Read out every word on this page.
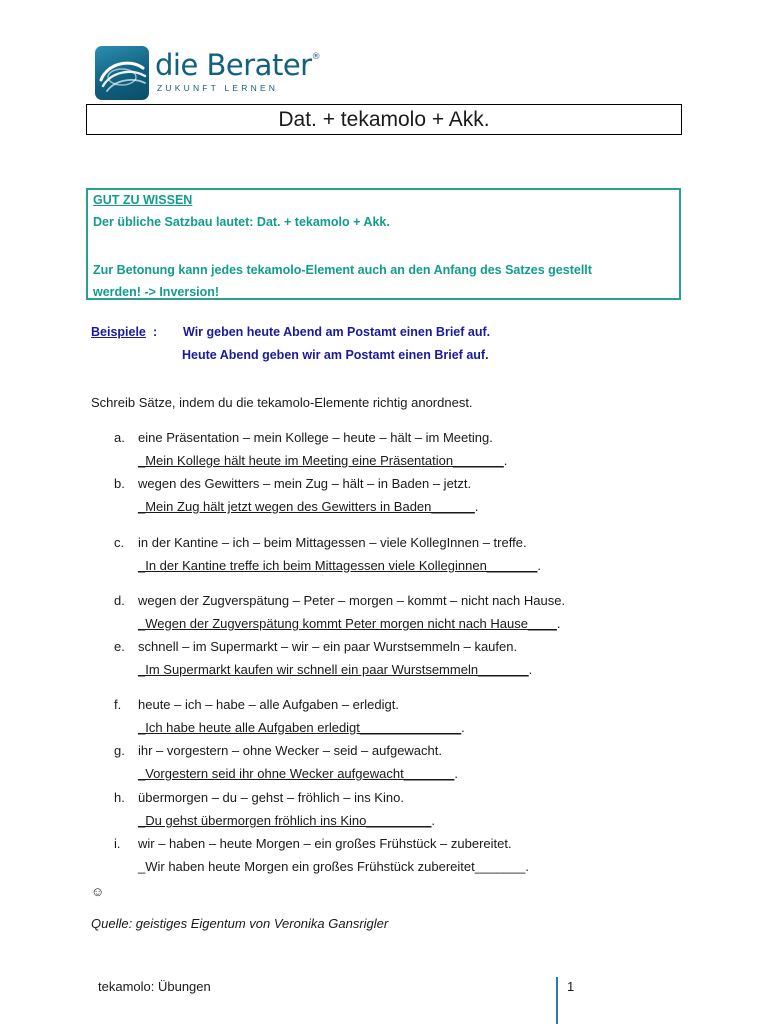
die Berater®
ZUKUNFT LERNEN
Dat. + tekamolo + Akk.
GUT ZU WISSEN
Der übliche Satzbau lautet: Dat. + tekamolo + Akk.
Zur Betonung kann jedes tekamolo-Element auch an den Anfang des Satzes gestellt
werden! -> Inversion!
Beispiele : Wir geben heute Abend am Postamt einen Brief auf.
Heute Abend geben wir am Postamt einen Brief auf.
Schreib Sätze, indem du die tekamolo-Elemente richtig anordnest.
a. eine Präsentation – mein Kollege – heute – hält – im Meeting.
_Mein Kollege hält heute im Meeting eine Präsentation_______.
b. wegen des Gewitters – mein Zug – hält – in Baden – jetzt.
_Mein Zug hält jetzt wegen des Gewitters in Baden______.
c. in der Kantine – ich – beim Mittagessen – viele KollegInnen – treffe.
_In der Kantine treffe ich beim Mittagessen viele Kolleginnen_______.
d. wegen der Zugverspätung – Peter – morgen – kommt – nicht nach Hause.
_Wegen der Zugverspätung kommt Peter morgen nicht nach Hause____.
e. schnell – im Supermarkt – wir – ein paar Wurstsemmeln – kaufen.
_Im Supermarkt kaufen wir schnell ein paar Wurstsemmeln_______.
f. heute – ich – habe – alle Aufgaben – erledigt.
_Ich habe heute alle Aufgaben erledigt______________.
g. ihr – vorgestern – ohne Wecker – seid – aufgewacht.
_Vorgestern seid ihr ohne Wecker aufgewacht_______.
h. übermorgen – du – gehst – fröhlich – ins Kino.
_Du gehst übermorgen fröhlich ins Kino_________.
i. wir – haben – heute Morgen – ein großes Frühstück – zubereitet.
_Wir haben heute Morgen ein großes Frühstück zubereitet_______.
☺
Quelle: geistiges Eigentum von Veronika Gansrigler
tekamolo: Übungen	1
